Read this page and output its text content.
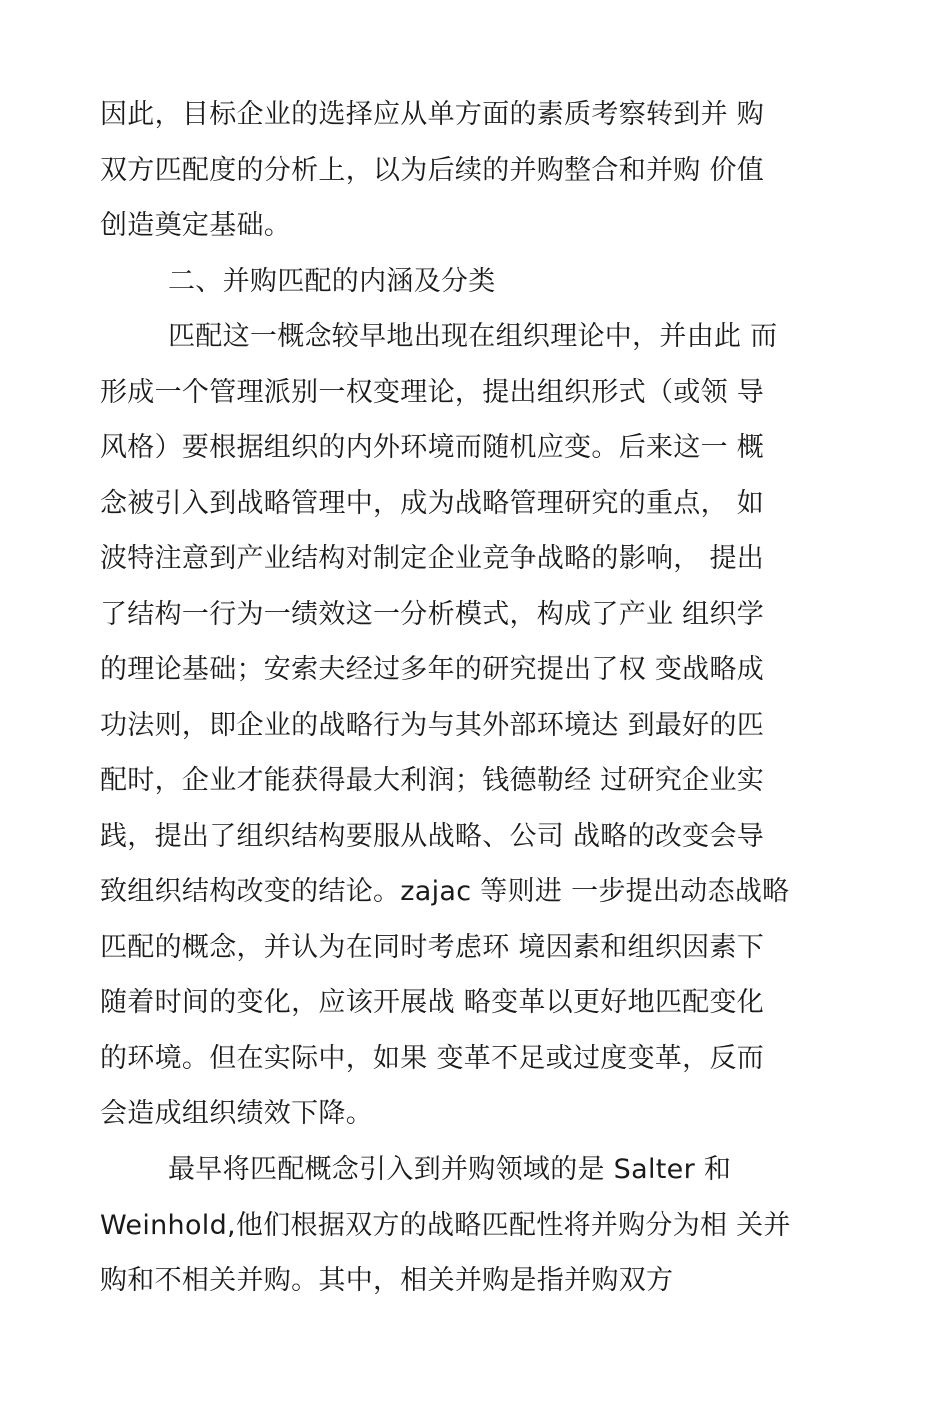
因此，目标企业的选择应从单方面的素质考察转到并 购
双方匹配度的分析上，以为后续的并购整合和并购 价值
创造奠定基础。
二、并购匹配的内涵及分类
匹配这一概念较早地出现在组织理论中，并由此 而
形成一个管理派别一权变理论，提出组织形式（或领 导
风格）要根据组织的内外环境而随机应变。后来这一 概
念被引入到战略管理中，成为战略管理研究的重点， 如
波特注意到产业结构对制定企业竞争战略的影响， 提出
了结构一行为一绩效这一分析模式，构成了产业 组织学
的理论基础；安索夫经过多年的研究提出了权 变战略成
功法则，即企业的战略行为与其外部环境达 到最好的匹
配时，企业才能获得最大利润；钱德勒经 过研究企业实
践，提出了组织结构要服从战略、公司 战略的改变会导
致组织结构改变的结论。zajac 等则进 一步提出动态战略
匹配的概念，并认为在同时考虑环 境因素和组织因素下
随着时间的变化，应该开展战 略变革以更好地匹配变化
的环境。但在实际中，如果 变革不足或过度变革，反而
会造成组织绩效下降。
最早将匹配概念引入到并购领域的是 Salter 和
Weinhold,他们根据双方的战略匹配性将并购分为相 关并
购和不相关并购。其中，相关并购是指并购双方
